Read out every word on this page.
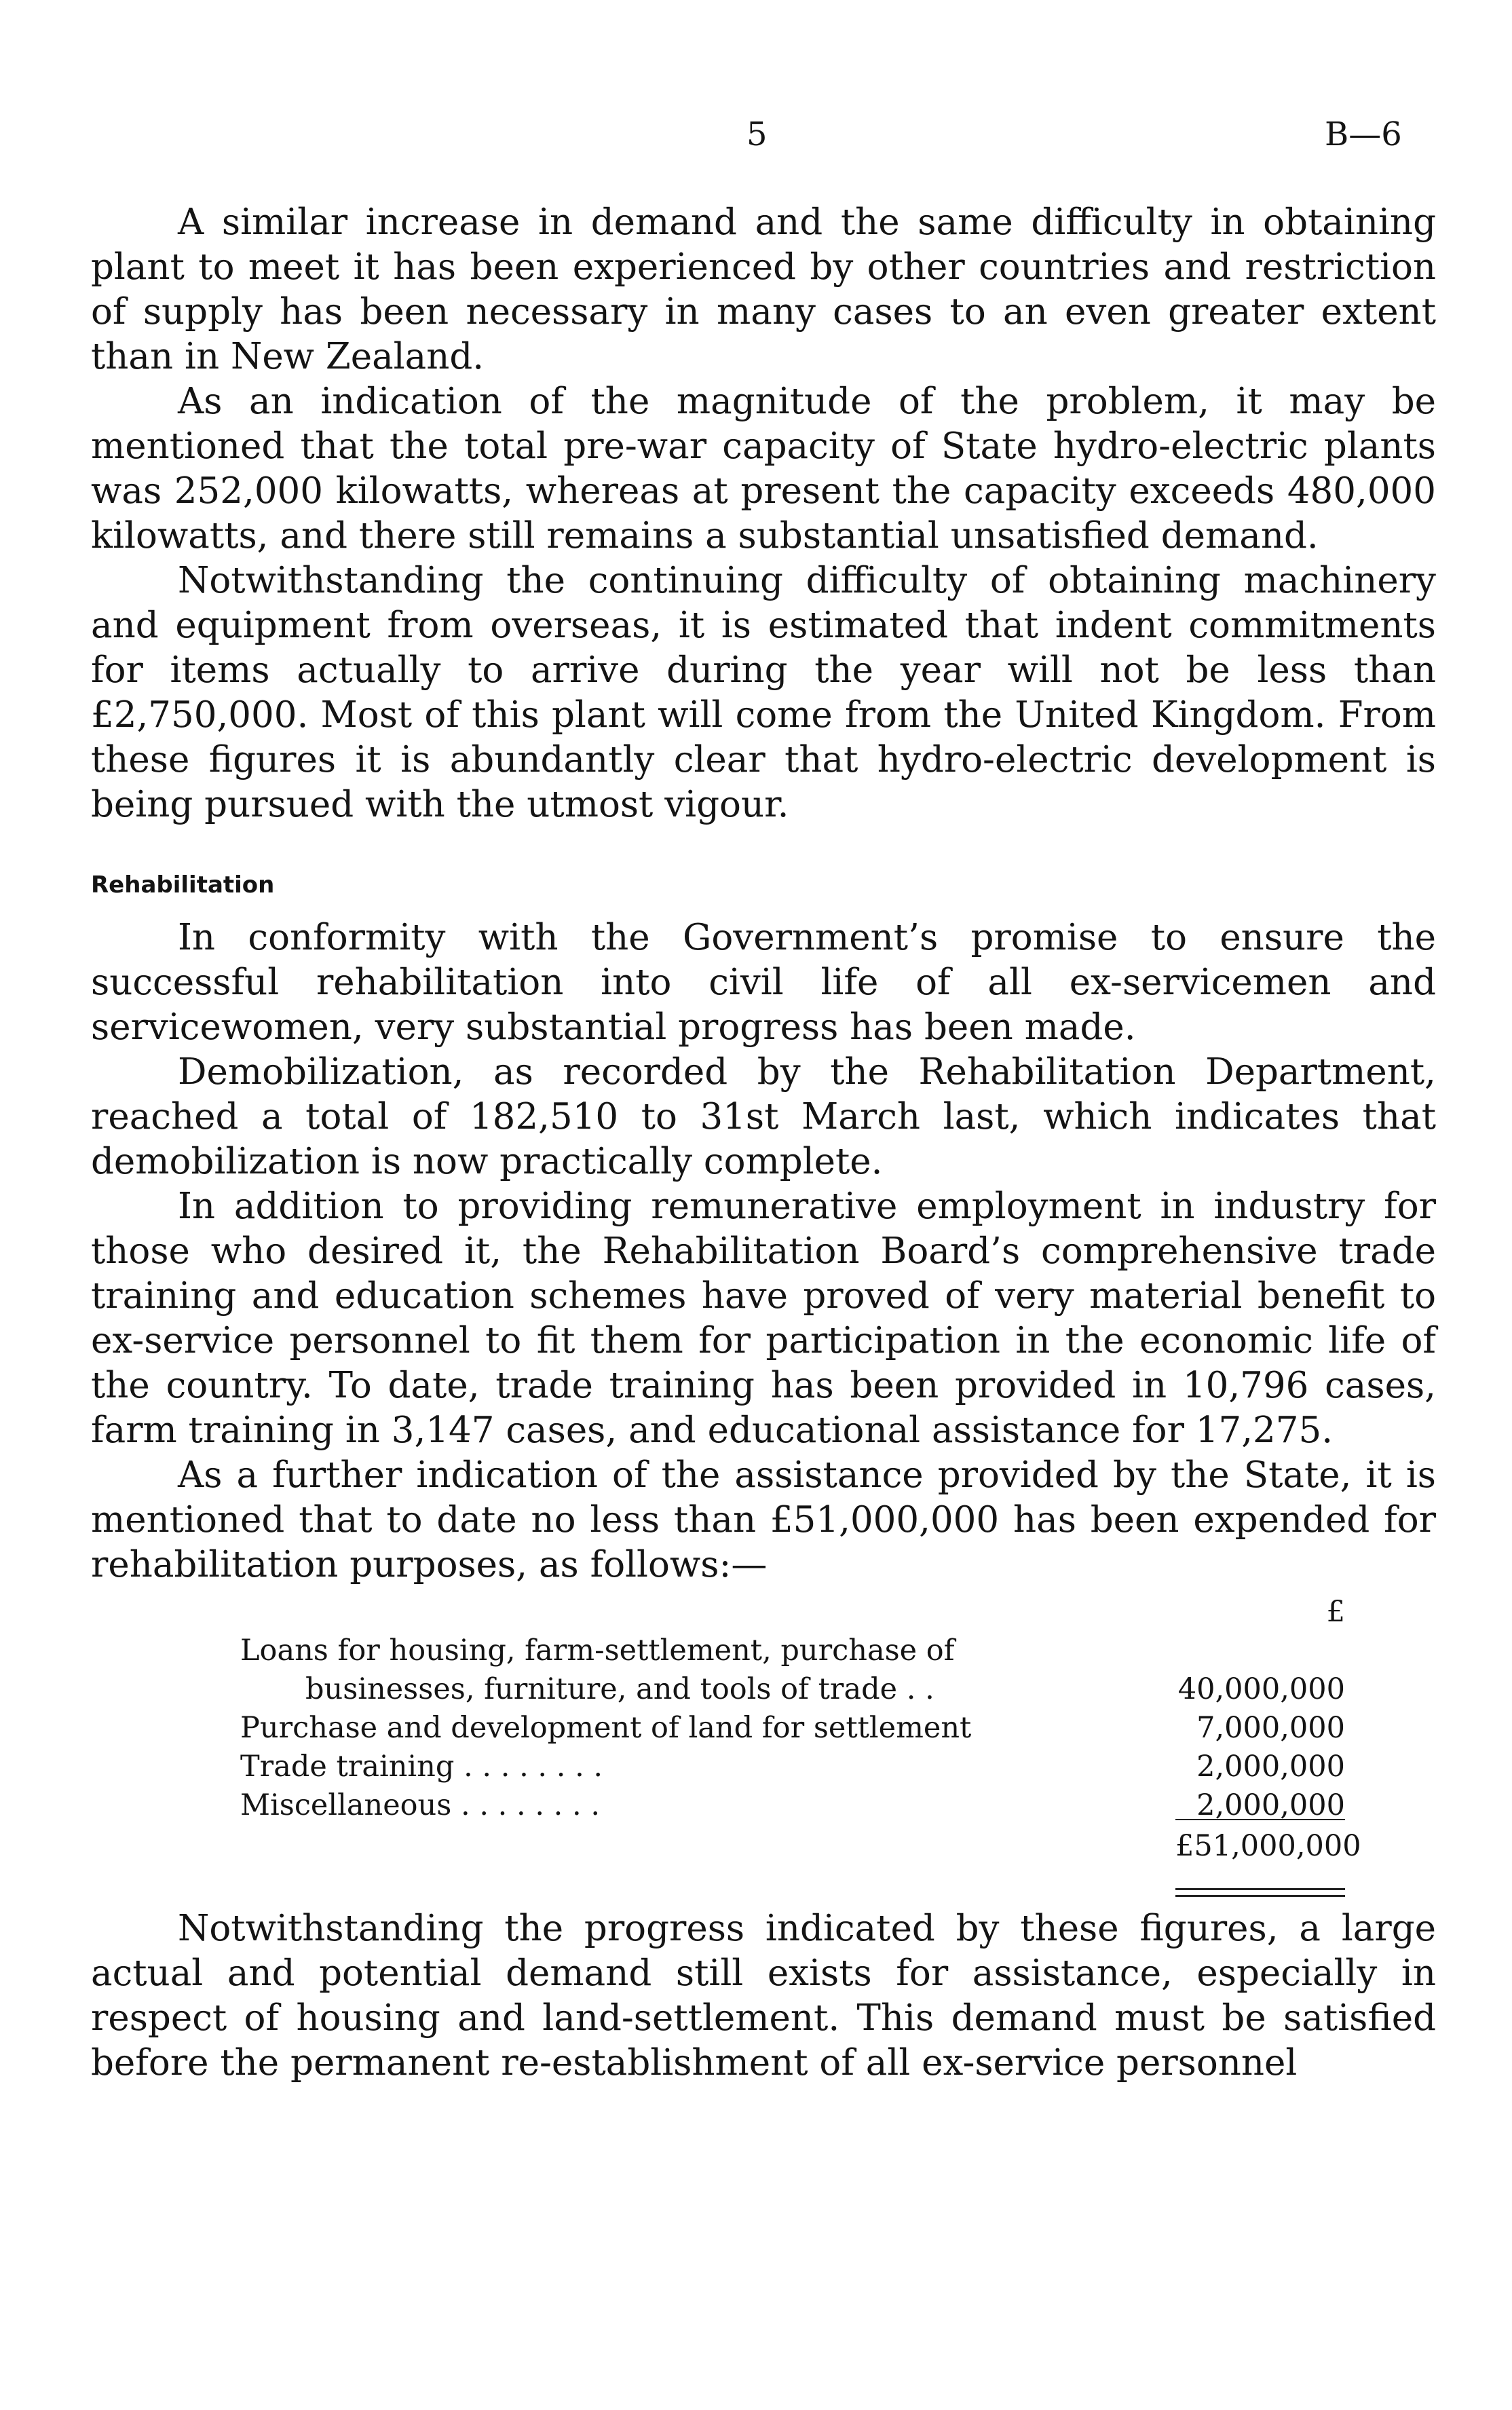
5	B—6

A similar increase in demand and the same difficulty in obtaining plant to meet it has been experienced by other countries and restriction of supply has been necessary in many cases to an even greater extent than in New Zealand.

As an indication of the magnitude of the problem, it may be mentioned that the total pre-war capacity of State hydro-electric plants was 252,000 kilowatts, whereas at present the capacity exceeds 480,000 kilowatts, and there still remains a substantial unsatisfied demand.

Notwithstanding the continuing difficulty of obtaining machinery and equipment from overseas, it is estimated that indent commitments for items actually to arrive during the year will not be less than £2,750,000. Most of this plant will come from the United Kingdom. From these figures it is abundantly clear that hydro-electric development is being pursued with the utmost vigour.

Rehabilitation

In conformity with the Government’s promise to ensure the successful rehabilitation into civil life of all ex-servicemen and servicewomen, very substantial progress has been made.

Demobilization, as recorded by the Rehabilitation Department, reached a total of 182,510 to 31st March last, which indicates that demobilization is now practically complete.

In addition to providing remunerative employment in industry for those who desired it, the Rehabilitation Board’s comprehensive trade training and education schemes have proved of very material benefit to ex-service personnel to fit them for participation in the economic life of the country. To date, trade training has been provided in 10,796 cases, farm training in 3,147 cases, and educational assistance for 17,275.

As a further indication of the assistance provided by the State, it is mentioned that to date no less than £51,000,000 has been expended for rehabilitation purposes, as follows:—

£
Loans for housing, farm-settlement, purchase of
businesses, furniture, and tools of trade . .	40,000,000
Purchase and development of land for settlement	7,000,000
Trade training . . . . . . . .	2,000,000
Miscellaneous . . . . . . . .	2,000,000
£51,000,000

Notwithstanding the progress indicated by these figures, a large actual and potential demand still exists for assistance, especially in respect of housing and land-settlement. This demand must be satisfied before the permanent re-establishment of all ex-service personnel
